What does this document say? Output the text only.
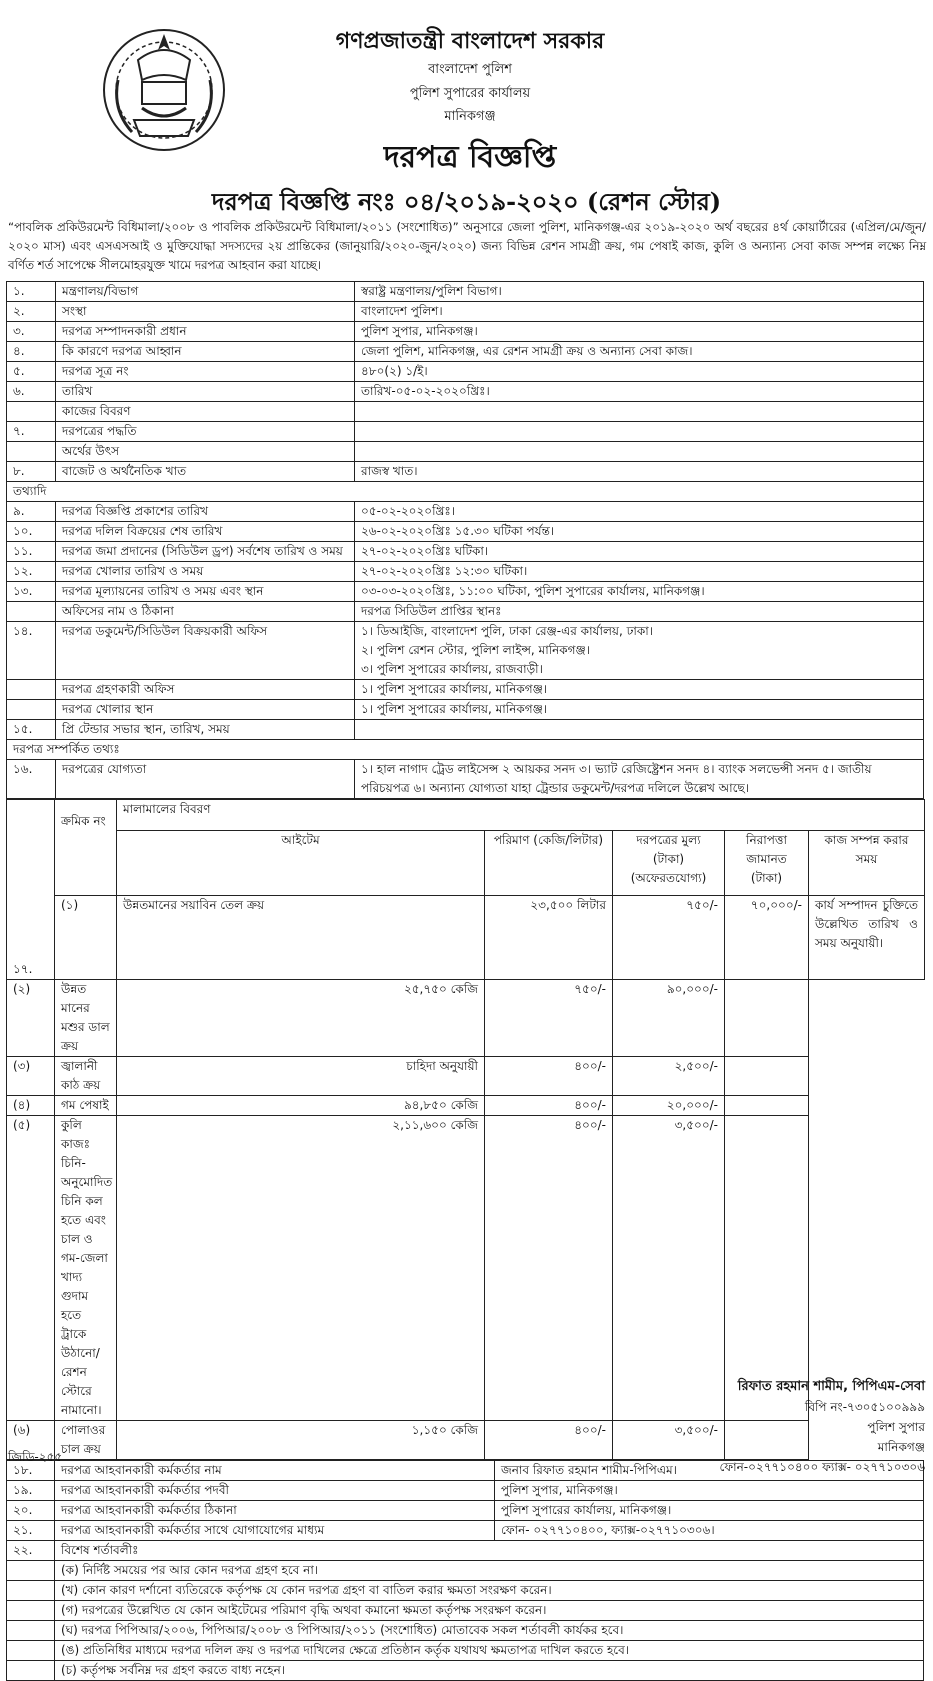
গণপ্রজাতন্ত্রী বাংলাদেশ সরকার
বাংলাদেশ পুলিশ
পুলিশ সুপারের কার্যালয়
মানিকগঞ্জ
দরপত্র বিজ্ঞপ্তি
দরপত্র বিজ্ঞপ্তি নংঃ ০৪/২০১৯-২০২০ (রেশন স্টোর)
“পাবলিক প্রকিউরমেন্ট বিধিমালা/২০০৮ ও পাবলিক প্রকিউরমেন্ট বিধিমালা/২০১১ (সংশোধিত)” অনুসারে জেলা পুলিশ, মানিকগঞ্জ-এর ২০১৯-২০২০ অর্থ বছরের ৪র্থ কোয়ার্টারের (এপ্রিল/মে/জুন/২০২০ মাস) এবং এসএসআই ও মুক্তিযোদ্ধা সদস্যদের ২য় প্রান্তিকের (জানুয়ারি/২০২০-জুন/২০২০) জন্য বিভিন্ন রেশন সামগ্রী ক্রয়, গম পেষাই কাজ, কুলি ও অন্যান্য সেবা কাজ সম্পন্ন লক্ষ্যে নিম্ন বর্ণিত শর্ত সাপেক্ষে সীলমোহরযুক্ত খামে দরপত্র আহবান করা যাচ্ছে।
১.	মন্ত্রণালয়/বিভাগ	স্বরাষ্ট্র মন্ত্রণালয়/পুলিশ বিভাগ।
২.	সংস্থা	বাংলাদেশ পুলিশ।
৩.	দরপত্র সম্পাদনকারী প্রধান	পুলিশ সুপার, মানিকগঞ্জ।
৪.	কি কারণে দরপত্র আহ্বান	জেলা পুলিশ, মানিকগঞ্জ, এর রেশন সামগ্রী ক্রয় ও অন্যান্য সেবা কাজ।
৫.	দরপত্র সূত্র নং	৪৮০(২) ১/ই।
৬.	তারিখ	তারিখ-০৫-০২-২০২০খ্রিঃ।
	কাজের বিবরণ	
৭.	দরপত্রের পদ্ধতি	
	অর্থের উৎস	
৮.	বাজেট ও অর্থনৈতিক খাত	রাজস্ব খাত।
তথ্যাদি		
৯.	দরপত্র বিজ্ঞপ্তি প্রকাশের তারিখ	০৫-০২-২০২০খ্রিঃ।
১০.	দরপত্র দলিল বিক্রয়ের শেষ তারিখ	২৬-০২-২০২০খ্রিঃ ১৫.৩০ ঘটিকা পর্যন্ত।
১১.	দরপত্র জমা প্রদানের (সিডিউল ড্রপ) সর্বশেষ তারিখ ও সময়	২৭-০২-২০২০খ্রিঃ ঘটিকা।
১২.	দরপত্র খোলার তারিখ ও সময়	২৭-০২-২০২০খ্রিঃ ১২:৩০ ঘটিকা।
১৩.	দরপত্র মূল্যায়নের তারিখ ও সময় এবং স্থান	০৩-০৩-২০২০খ্রিঃ, ১১:০০ ঘটিকা, পুলিশ সুপারের কার্যালয়, মানিকগঞ্জ।
	অফিসের নাম ও ঠিকানা	দরপত্র সিডিউল প্রাপ্তির স্থানঃ
১৪.	দরপত্র ডকুমেন্ট/সিডিউল বিক্রয়কারী অফিস	১। ডিআইজি, বাংলাদেশ পুলি, ঢাকা রেঞ্জ-এর কার্যালয়, ঢাকা।
২। পুলিশ রেশন স্টোর, পুলিশ লাইন্স, মানিকগঞ্জ।
৩। পুলিশ সুপারের কার্যালয়, রাজবাড়ী।

	দরপত্র গ্রহণকারী অফিস	১। পুলিশ সুপারের কার্যালয়, মানিকগঞ্জ।
	দরপত্র খোলার স্থান	১। পুলিশ সুপারের কার্যালয়, মানিকগঞ্জ।
১৫.	প্রি টেন্ডার সভার স্থান, তারিখ, সময়	
দরপত্র সম্পর্কিত তথ্যঃ		
১৬.	দরপত্রের যোগ্যতা	১। হাল নাগাদ ট্রেড লাইসেন্স ২ আয়কর সনদ ৩। ভ্যাট রেজিষ্ট্রেশন সনদ ৪। ব্যাংক সলভেন্সী সনদ ৫। জাতীয় পরিচয়পত্র ৬। অন্যান্য যোগ্যতা যাহা ট্রেন্ডার ডকুমেন্ট/দরপত্র দলিলে উল্লেখ আছে।
১৭.	ক্রমিক নং	মালামালের বিবরণ				
		আইটেম	পরিমাণ (কেজি/লিটার)	দরপত্রের মুল্য (টাকা) (অফেরতযোগ্য)	নিরাপত্তা জামানত (টাকা)	কাজ সম্পন্ন করার সময়
	(১)	উন্নতমানের সয়াবিন তেল ক্রয়	২৩,৫০০ লিটার	৭৫০/-	৭০,০০০/-	কার্য সম্পাদন চুক্তিতে উল্লেখিত তারিখ ও সময় অনুযায়ী।
(২)	উন্নত মানের মশুর ডাল ক্রয়	২৫,৭৫০ কেজি	৭৫০/-	৯০,০০০/-		
(৩)	জ্বালানী কাঠ ক্রয়	চাহিদা অনুযায়ী	৪০০/-	২,৫০০/-		
(৪)	গম পেষাই	৯৪,৮৫০ কেজি	৪০০/-	২০,০০০/-		
(৫)	কুলি কাজঃ চিনি-অনুমোদিত চিনি কল হতে এবং চাল ও গম-জেলা খাদ্য গুদাম হতে ট্রাকে উঠানো/রেশন স্টোরে নামানো।	২,১১,৬০০ কেজি	৪০০/-	৩,৫০০/-		
(৬)	পোলাওর চাল ক্রয়	১,১৫০ কেজি	৪০০/-	৩,৫০০/-		
১৮.	দরপত্র আহবানকারী কর্মকর্তার নাম	জনাব রিফাত রহমান শামীম-পিপিএম।
১৯.	দরপত্র আহবানকারী কর্মকর্তার পদবী	পুলিশ সুপার, মানিকগঞ্জ।
২০.	দরপত্র আহবানকারী কর্মকর্তার ঠিকানা	পুলিশ সুপারের কার্যালয়, মানিকগঞ্জ।
২১.	দরপত্র আহবানকারী কর্মকর্তার সাথে যোগাযোগের মাধ্যম	ফোন- ০২৭৭১০৪০০, ফ্যাক্স-০২৭৭১০৩০৬।
২২.	বিশেষ শর্তাবলীঃ	
	(ক) নির্দিষ্ট সময়ের পর আর কোন দরপত্র গ্রহণ হবে না।	
	(খ) কোন কারণ দর্শানো ব্যতিরেকে কর্তৃপক্ষ যে কোন দরপত্র গ্রহণ বা বাতিল করার ক্ষমতা সংরক্ষণ করেন।	
	(গ) দরপত্রের উল্লেখিত যে কোন আইটেমের পরিমাণ বৃদ্ধি অথবা কমানো ক্ষমতা কর্তৃপক্ষ সংরক্ষণ করেন।	
	(ঘ) দরপত্র পিপিআর/২০০৬, পিপিআর/২০০৮ ও পিপিআর/২০১১ (সংশোধিত) মোতাবেক সকল শর্তাবলী কার্যকর হবে।	
	(ঙ) প্রতিনিধির মাধ্যমে দরপত্র দলিল ক্রয় ও দরপত্র দাখিলের ক্ষেত্রে প্রতিষ্ঠান কর্তৃক যথাযথ ক্ষমতাপত্র দাখিল করতে হবে।	
	(চ) কর্তৃপক্ষ সর্বনিম্ন দর গ্রহণ করতে বাধ্য নহেন।	
রিফাত রহমান শামীম, পিপিএম-সেবা
বিপি নং-৭৩০৫১০০৯৯৯
পুলিশ সুপার
মানিকগঞ্জ
ফোন-০২৭৭১০৪০০ ফ্যাক্স- ০২৭৭১০৩০৬
জিডি-২৫৫
